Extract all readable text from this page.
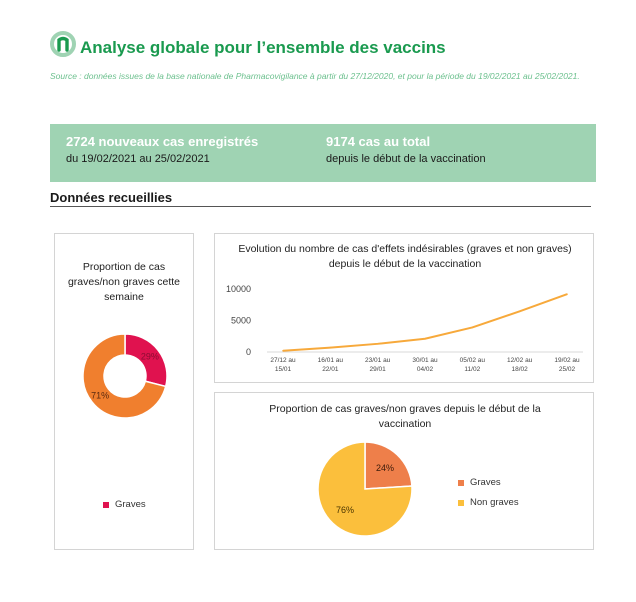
Analyse globale pour l’ensemble des vaccins
Source : données issues de la base nationale de Pharmacovigilance à partir du 27/12/2020, et pour la période du 19/02/2021 au 25/02/2021.
2724 nouveaux cas enregistrés
du 19/02/2021 au 25/02/2021
9174 cas au total
depuis le début de la vaccination
Données recueillies
Proportion de cas graves/non graves cette semaine
29%
71%
Graves
Evolution du nombre de cas d'effets indésirables (graves et non graves) depuis le début de la vaccination
0
5000
10000
27/12 au 15/01
16/01 au 22/01
23/01 au 29/01
30/01 au 04/02
05/02 au 11/02
12/02 au 18/02
19/02 au 25/02
Proportion de cas graves/non graves depuis le début de la vaccination
24%
76%
Graves
Non graves
